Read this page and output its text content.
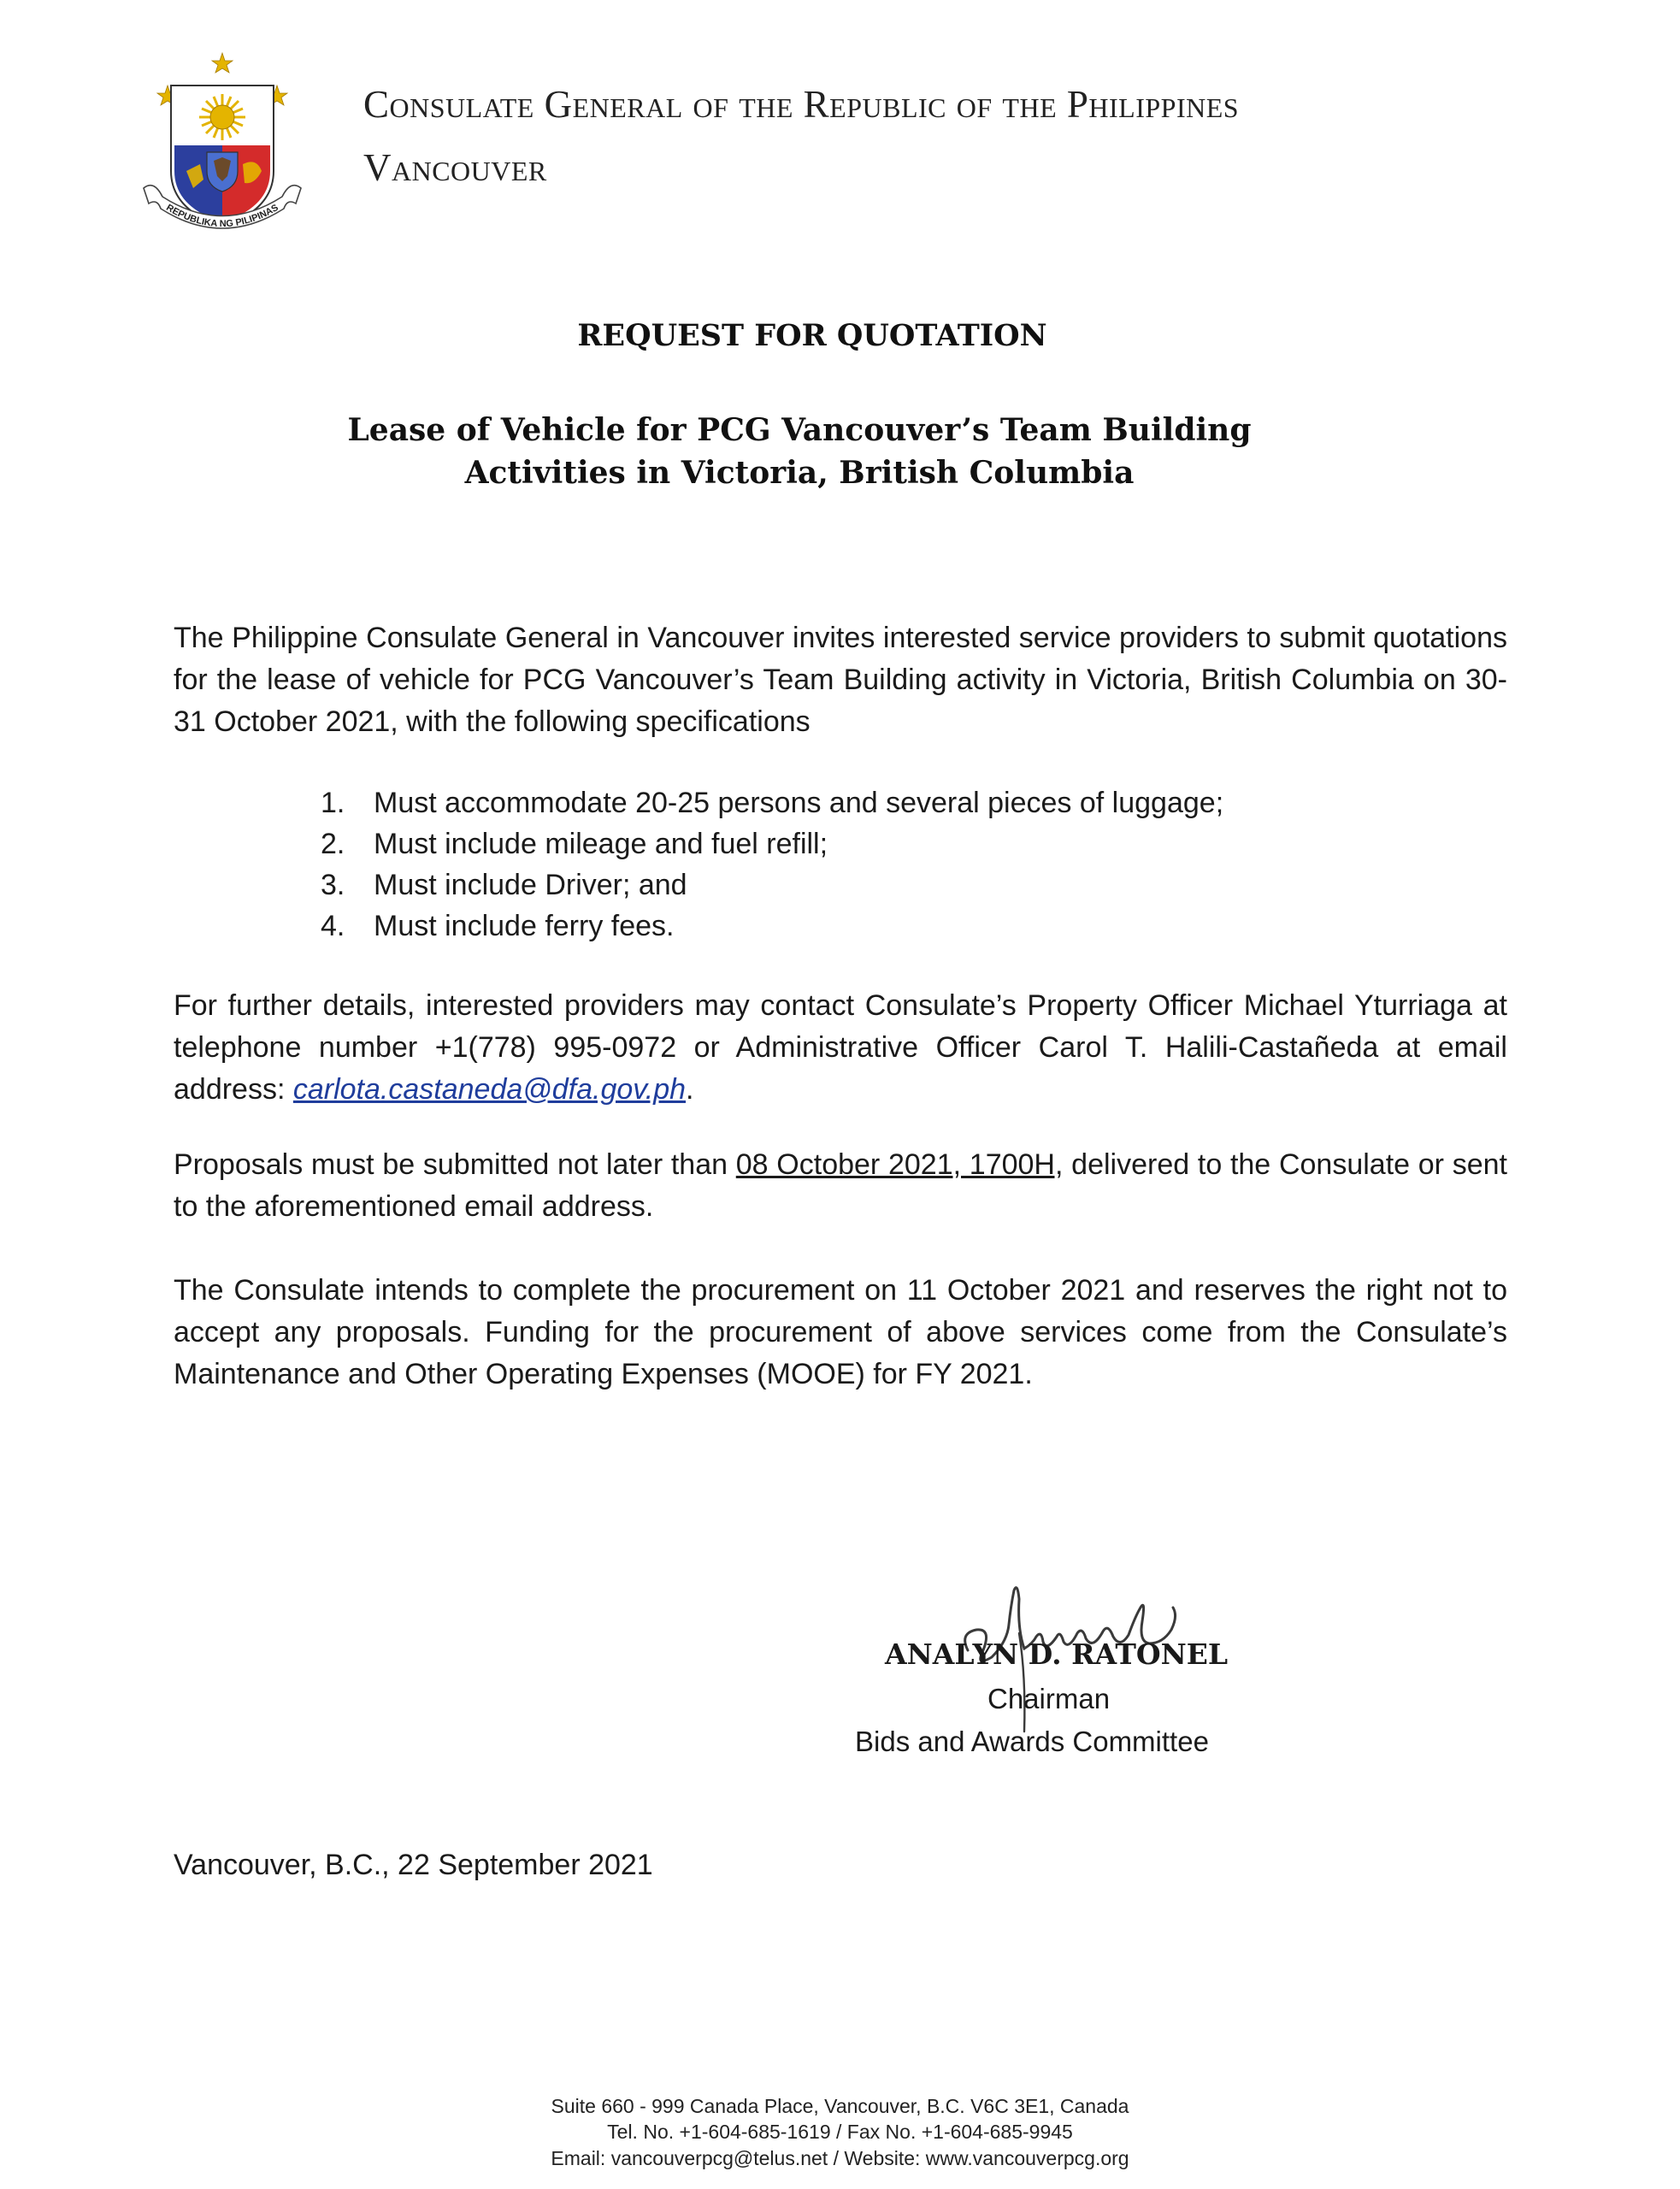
REPUBLIKA NG PILIPINAS
Consulate General of the Republic of the Philippines
Vancouver
REQUEST FOR QUOTATION
Lease of Vehicle for PCG Vancouver’s Team Building
Activities in Victoria, British Columbia
The Philippine Consulate General in Vancouver invites interested service providers to submit quotations for the lease of vehicle for PCG Vancouver’s Team Building activity in Victoria, British Columbia on 30-31 October 2021, with the following specifications
1. Must accommodate 20-25 persons and several pieces of luggage;
2. Must include mileage and fuel refill;
3. Must include Driver; and
4. Must include ferry fees.
For further details, interested providers may contact Consulate’s Property Officer Michael Yturriaga at telephone number +1(778) 995-0972 or Administrative Officer Carol T. Halili-Castañeda at email address: carlota.castaneda@dfa.gov.ph.
Proposals must be submitted not later than 08 October 2021, 1700H, delivered to the Consulate or sent to the aforementioned email address.
The Consulate intends to complete the procurement on 11 October 2021 and reserves the right not to accept any proposals. Funding for the procurement of above services come from the Consulate’s Maintenance and Other Operating Expenses (MOOE) for FY 2021.
ANALYN D. RATONEL
Chairman
Bids and Awards Committee
Vancouver, B.C., 22 September 2021
Suite 660 - 999 Canada Place, Vancouver, B.C. V6C 3E1, Canada
Tel. No. +1-604-685-1619 / Fax No. +1-604-685-9945
Email: vancouverpcg@telus.net / Website: www.vancouverpcg.org
